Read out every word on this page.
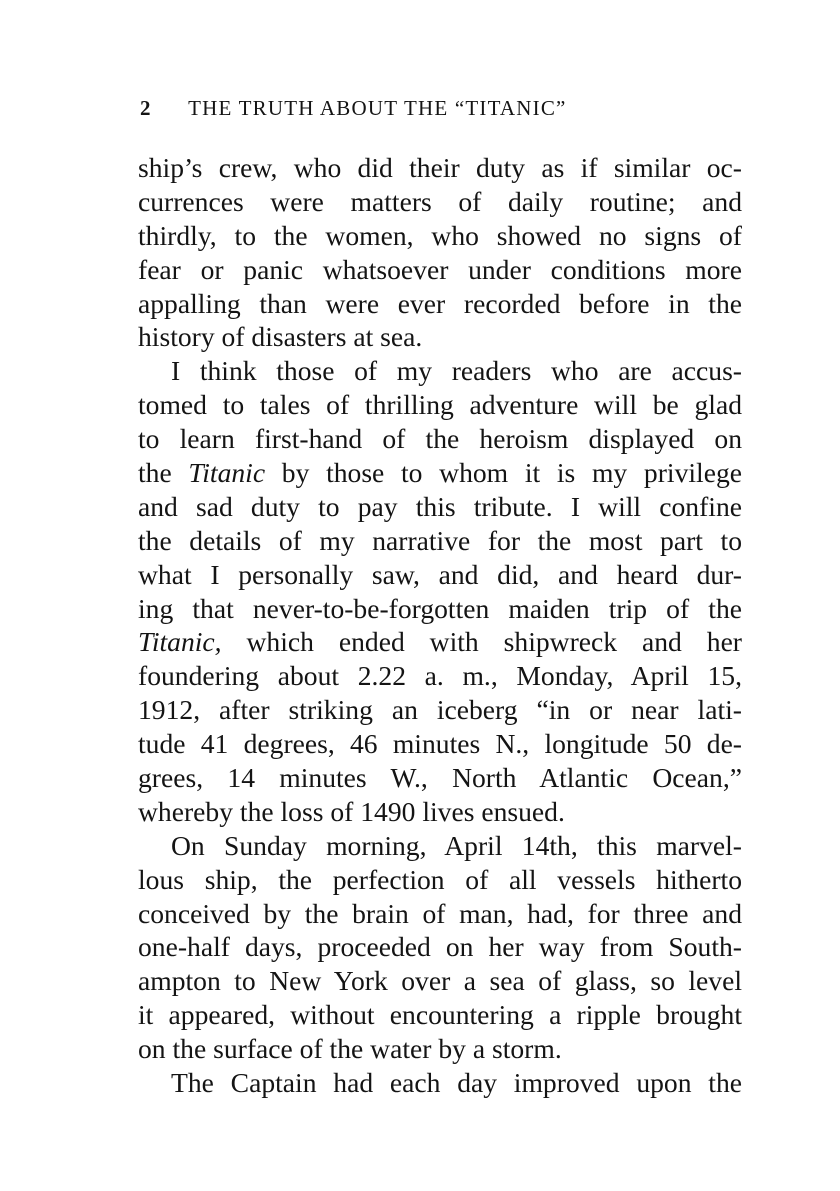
2 THE TRUTH ABOUT THE “TITANIC”
ship’s crew, who did their duty as if similar oc-
currences were matters of daily routine; and
thirdly, to the women, who showed no signs of
fear or panic whatsoever under conditions more
appalling than were ever recorded before in the
history of disasters at sea.
I think those of my readers who are accus-
tomed to tales of thrilling adventure will be glad
to learn first-hand of the heroism displayed on
the Titanic by those to whom it is my privilege
and sad duty to pay this tribute. I will confine
the details of my narrative for the most part to
what I personally saw, and did, and heard dur-
ing that never-to-be-forgotten maiden trip of the
Titanic, which ended with shipwreck and her
foundering about 2.22 a. m., Monday, April 15,
1912, after striking an iceberg “in or near lati-
tude 41 degrees, 46 minutes N., longitude 50 de-
grees, 14 minutes W., North Atlantic Ocean,”
whereby the loss of 1490 lives ensued.
On Sunday morning, April 14th, this marvel-
lous ship, the perfection of all vessels hitherto
conceived by the brain of man, had, for three and
one-half days, proceeded on her way from South-
ampton to New York over a sea of glass, so level
it appeared, without encountering a ripple brought
on the surface of the water by a storm.
The Captain had each day improved upon the
